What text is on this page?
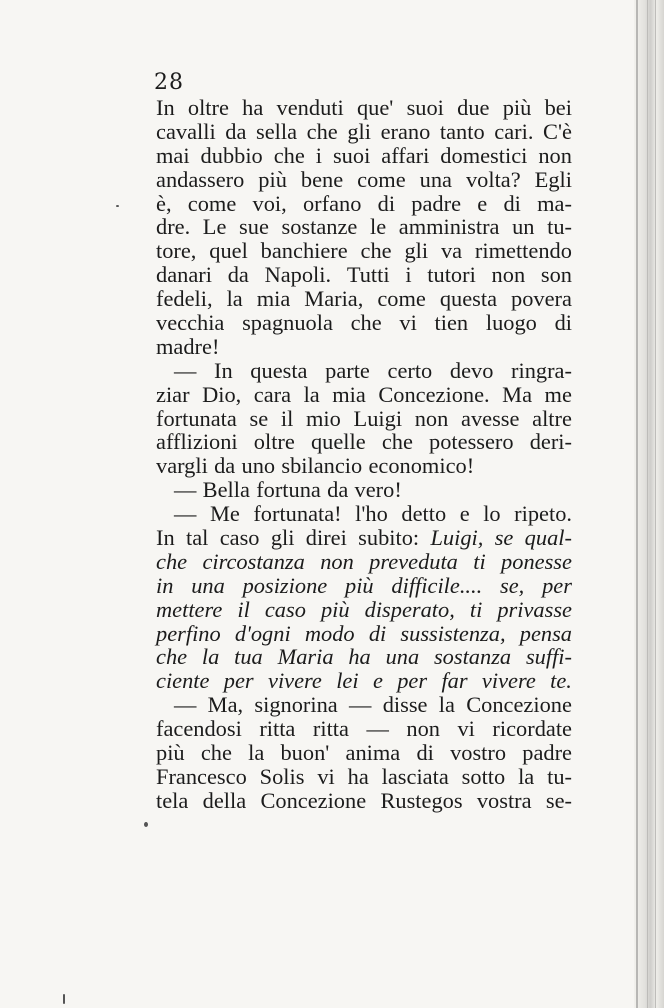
28
In oltre ha venduti que' suoi due più bei
cavalli da sella che gli erano tanto cari. C'è
mai dubbio che i suoi affari domestici non
andassero più bene come una volta? Egli
è, come voi, orfano di padre e di ma-
dre. Le sue sostanze le amministra un tu-
tore, quel banchiere che gli va rimettendo
danari da Napoli. Tutti i tutori non son
fedeli, la mia Maria, come questa povera
vecchia spagnuola che vi tien luogo di
madre!
— In questa parte certo devo ringra-
ziar Dio, cara la mia Concezione. Ma me
fortunata se il mio Luigi non avesse altre
afflizioni oltre quelle che potessero deri-
vargli da uno sbilancio economico!
— Bella fortuna da vero!
— Me fortunata! l'ho detto e lo ripeto.
In tal caso gli direi subito: Luigi, se qual-
che circostanza non preveduta ti ponesse
in una posizione più difficile.... se, per
mettere il caso più disperato, ti privasse
perfino d'ogni modo di sussistenza, pensa
che la tua Maria ha una sostanza suffi-
ciente per vivere lei e per far vivere te.
— Ma, signorina — disse la Concezione
facendosi ritta ritta — non vi ricordate
più che la buon' anima di vostro padre
Francesco Solis vi ha lasciata sotto la tu-
tela della Concezione Rustegos vostra se-
